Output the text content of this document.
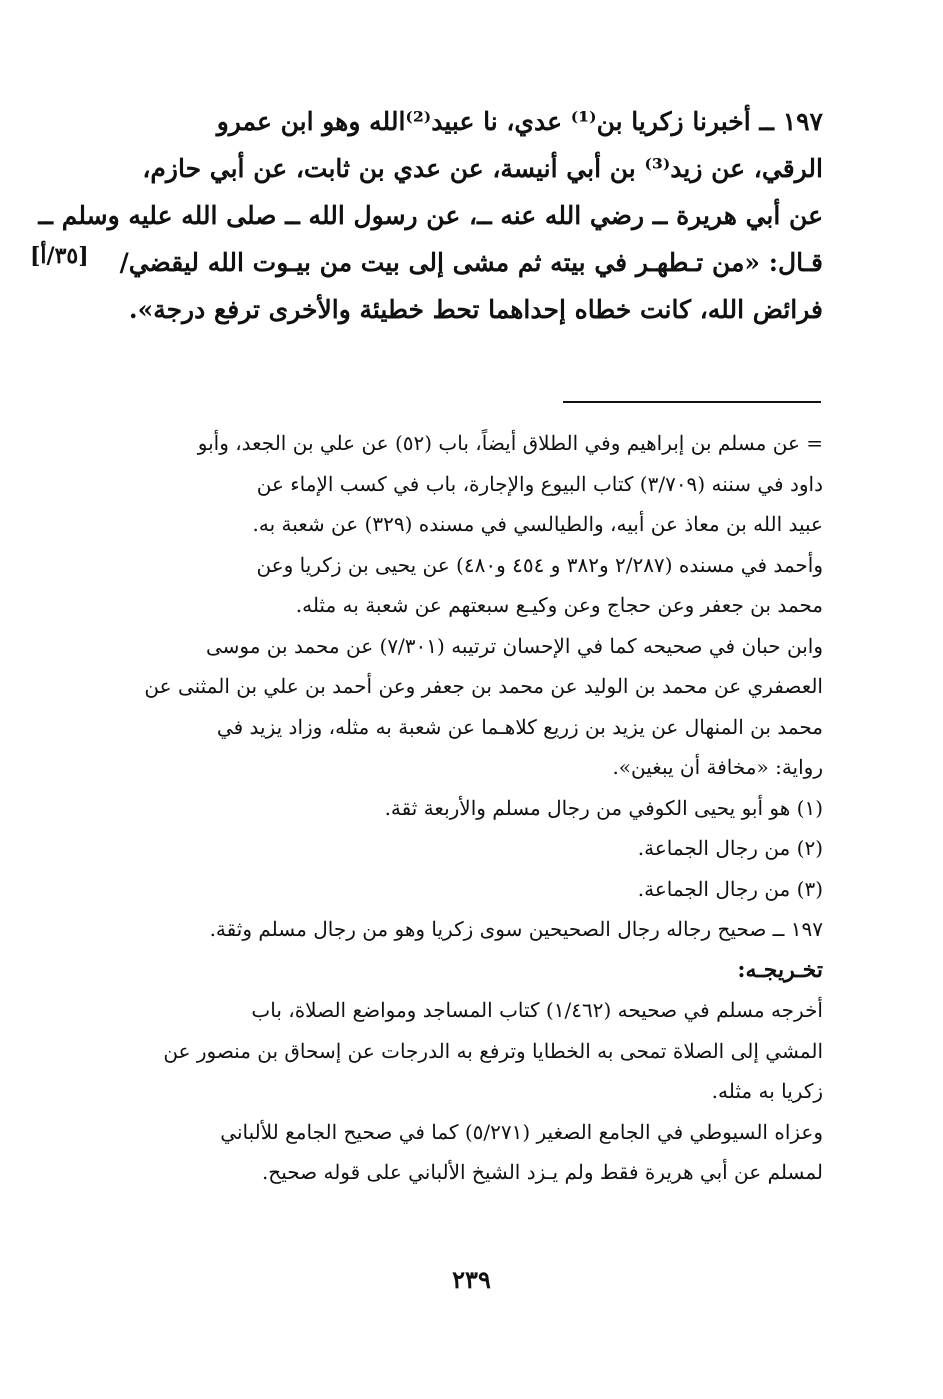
١٩٧ ــ أخبرنا زكريا بن⁽¹⁾ عدي، نا عبيد⁽²⁾الله وهو ابن عمرو
الرقي، عن زيد⁽³⁾ بن أبي أنيسة، عن عدي بن ثابت، عن أبي حازم،
عن أبي هريرة ــ رضي الله عنه ــ، عن رسول الله ــ صلى الله عليه وسلم ــ
قـال: «من تـطهـر في بيته ثم مشى إلى بيت من بيـوت الله ليقضي/
فرائض الله، كانت خطاه إحداهما تحط خطيئة والأخرى ترفع درجة».
[٣٥/أ]
= عن مسلم بن إبراهيم وفي الطلاق أيضاً، باب (٥٢) عن علي بن الجعد، وأبو
داود في سننه (٣/٧٠٩) كتاب البيوع والإجارة، باب في كسب الإماء عن
عبيد الله بن معاذ عن أبيه، والطيالسي في مسنده (٣٢٩) عن شعبة به.
وأحمد في مسنده (٢/٢٨٧ و٣٨٢ و ٤٥٤ و٤٨٠) عن يحيى بن زكريا وعن
محمد بن جعفر وعن حجاج وعن وكيـع سبعتهم عن شعبة به مثله.
وابن حبان في صحيحه كما في الإحسان ترتيبه (٧/٣٠١) عن محمد بن موسى
العصفري عن محمد بن الوليد عن محمد بن جعفر وعن أحمد بن علي بن المثنى عن
محمد بن المنهال عن يزيد بن زريع كلاهـما عن شعبة به مثله، وزاد يزيد في
رواية: «مخافة أن يبغين».
(١) هو أبو يحيى الكوفي من رجال مسلم والأربعة ثقة.
(٢) من رجال الجماعة.
(٣) من رجال الجماعة.
١٩٧ ــ صحيح رجاله رجال الصحيحين سوى زكريا وهو من رجال مسلم وثقة.
تخـريجـه:
أخرجه مسلم في صحيحه (١/٤٦٢) كتاب المساجد ومواضع الصلاة، باب
المشي إلى الصلاة تمحى به الخطايا وترفع به الدرجات عن إسحاق بن منصور عن
زكريا به مثله.
وعزاه السيوطي في الجامع الصغير (٥/٢٧١) كما في صحيح الجامع للألباني
لمسلم عن أبي هريرة فقط ولم يـزد الشيخ الألباني على قوله صحيح.
٢٣٩
